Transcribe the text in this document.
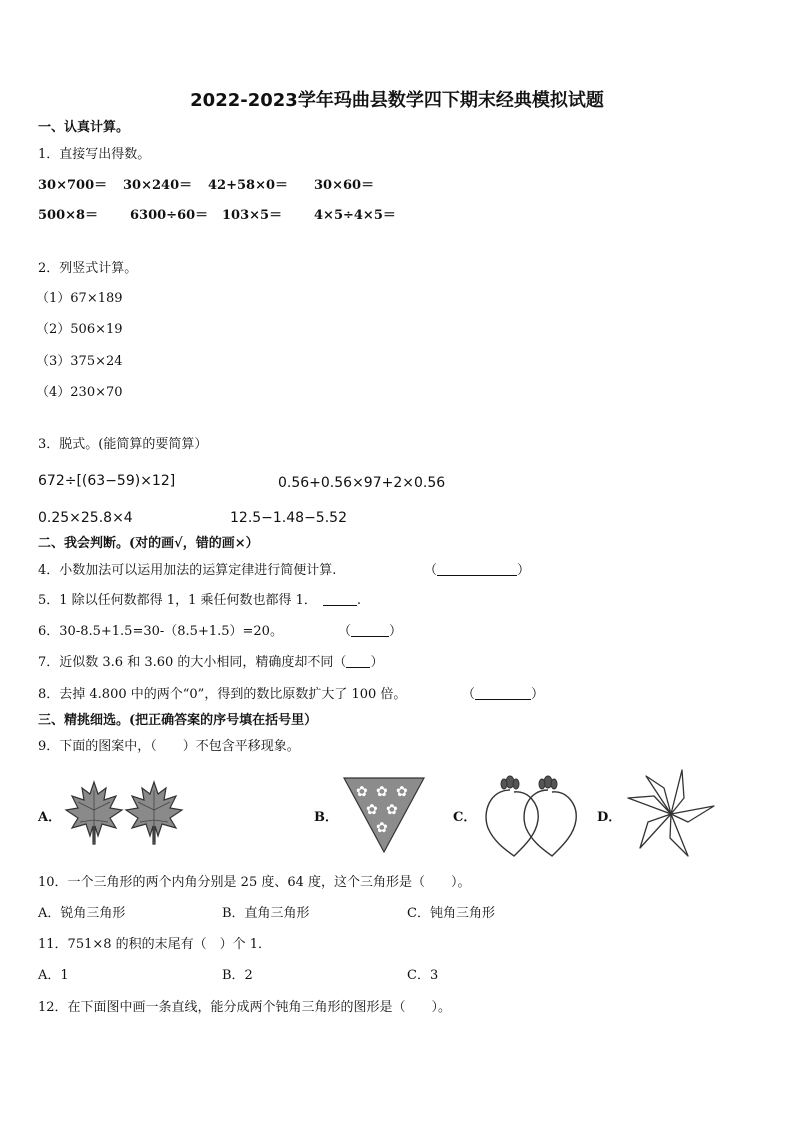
2022-2023学年玛曲县数学四下期末经典模拟试题
一、认真计算。
1．直接写出得数。
30×700＝ 30×240＝ 42+58×0＝ 30×60＝
500×8＝ 6300÷60＝ 103×5＝ 4×5÷4×5＝
2．列竖式计算。
（1）67×189
（2）506×19
（3）375×24
（4）230×70
3．脱式。(能简算的要简算）
672÷[(63−59)×12]	0.56+0.56×97+2×0.56
0.25×25.8×4	12.5−1.48−5.52
二、我会判断。(对的画√，错的画×）
4．小数加法可以运用加法的运算定律进行简便计算.	（	）
5．1 除以任何数都得 1，1 乘任何数也都得 1．	.
6．30-8.5+1.5=30-（8.5+1.5）=20。	（	）
7．近似数 3.6 和 3.60 的大小相同，精确度却不同（ ）
8．去掉 4.800 中的两个“0”，得到的数比原数扩大了 100 倍。	（	）
三、精挑细选。(把正确答案的序号填在括号里）
9．下面的图案中，（　　）不包含平移现象。
A．	B．	C．	D．
✿ ✿ ✿
✿ ✿
✿
10．一个三角形的两个内角分别是 25 度、64 度，这个三角形是（　　）。
A．锐角三角形	B．直角三角形	C．钝角三角形
11．751×8 的积的末尾有（　）个 1．
A．1	B．2	C．3
12．在下面图中画一条直线，能分成两个钝角三角形的图形是（　　）。
